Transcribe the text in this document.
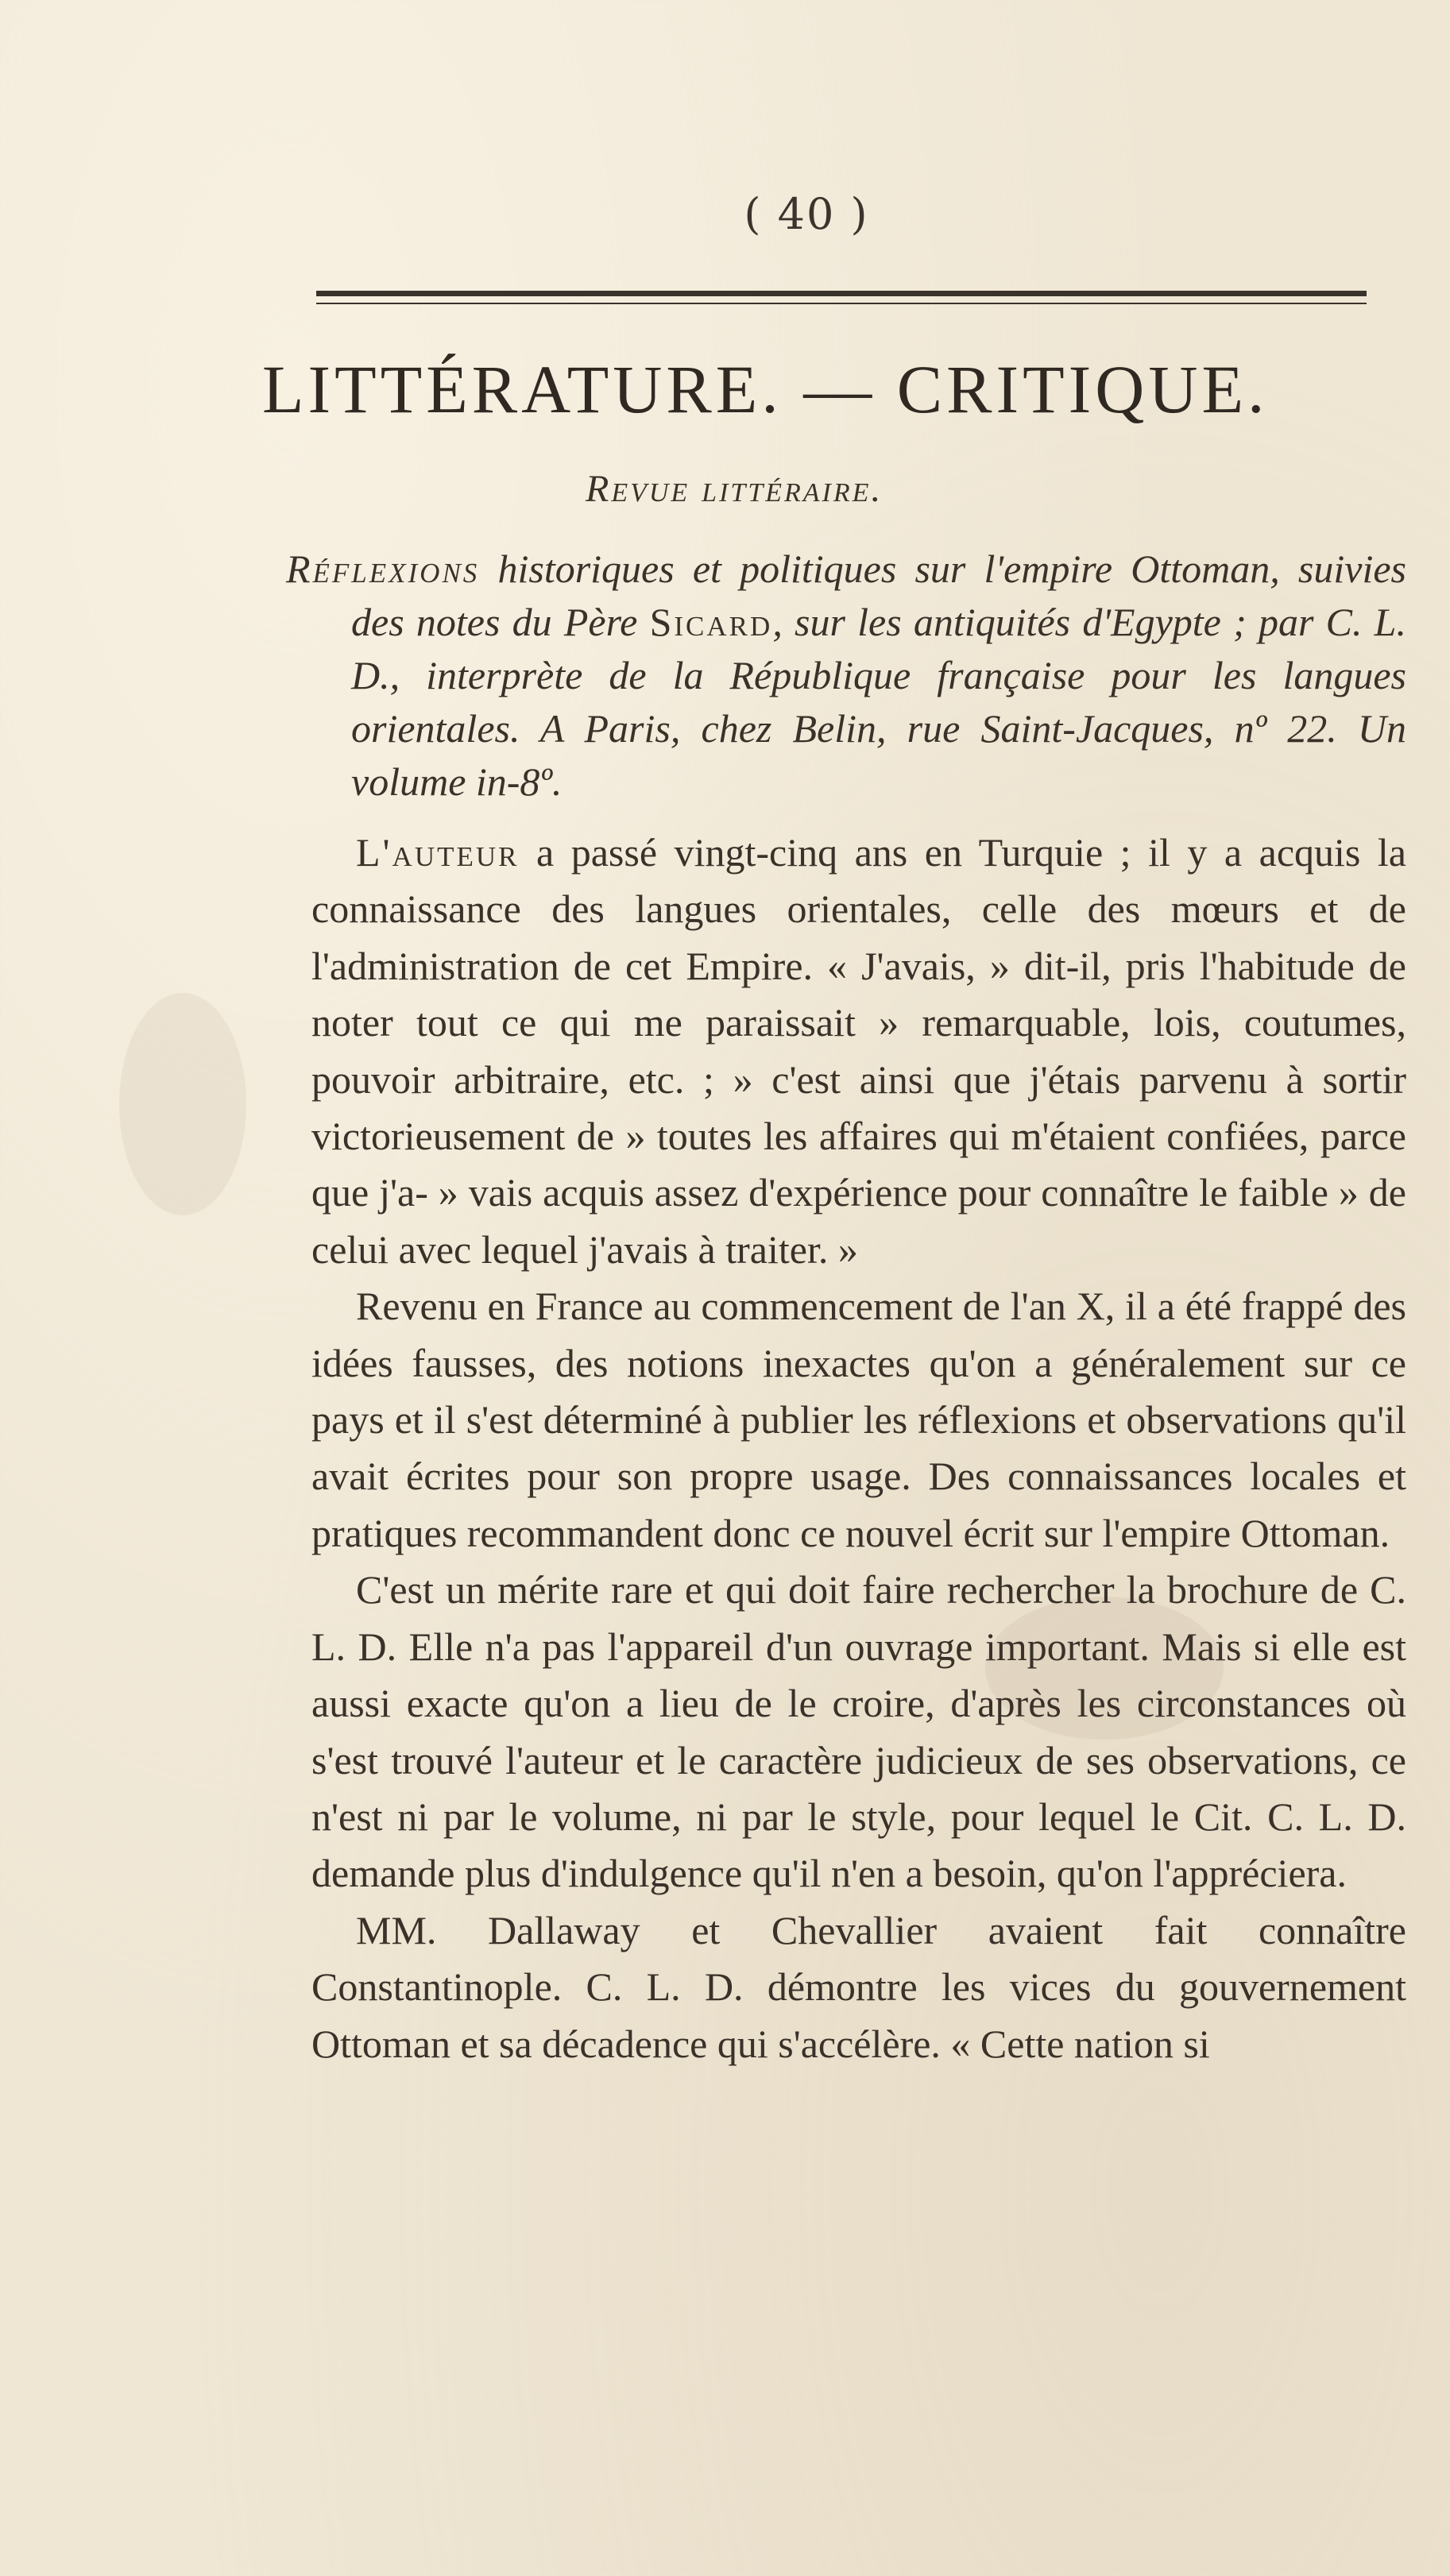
( 40 )
LITTÉRATURE. — CRITIQUE.
Revue littéraire.
Réflexions historiques et politiques sur l'empire Ottoman, suivies des notes du Père Sicard, sur les antiquités d'Egypte ; par C. L. D., interprète de la République française pour les langues orientales. A Paris, chez Belin, rue Saint-Jacques, nº 22. Un volume in-8º.

L'auteur a passé vingt-cinq ans en Turquie ; il y a acquis la connaissance des langues orientales, celle des mœurs et de l'administration de cet Empire. « J'avais, » dit-il, pris l'habitude de noter tout ce qui me paraissait » remarquable, lois, coutumes, pouvoir arbitraire, etc. ; » c'est ainsi que j'étais parvenu à sortir victorieusement de » toutes les affaires qui m'étaient confiées, parce que j'a- » vais acquis assez d'expérience pour connaître le faible » de celui avec lequel j'avais à traiter. »

Revenu en France au commencement de l'an X, il a été frappé des idées fausses, des notions inexactes qu'on a généralement sur ce pays et il s'est déterminé à publier les réflexions et observations qu'il avait écrites pour son propre usage. Des connaissances locales et pratiques recommandent donc ce nouvel écrit sur l'empire Ottoman.

C'est un mérite rare et qui doit faire rechercher la brochure de C. L. D. Elle n'a pas l'appareil d'un ouvrage important. Mais si elle est aussi exacte qu'on a lieu de le croire, d'après les circonstances où s'est trouvé l'auteur et le caractère judicieux de ses observations, ce n'est ni par le volume, ni par le style, pour lequel le Cit. C. L. D. demande plus d'indulgence qu'il n'en a besoin, qu'on l'appréciera.

MM. Dallaway et Chevallier avaient fait connaître Constantinople. C. L. D. démontre les vices du gouvernement Ottoman et sa décadence qui s'accélère. « Cette nation si
